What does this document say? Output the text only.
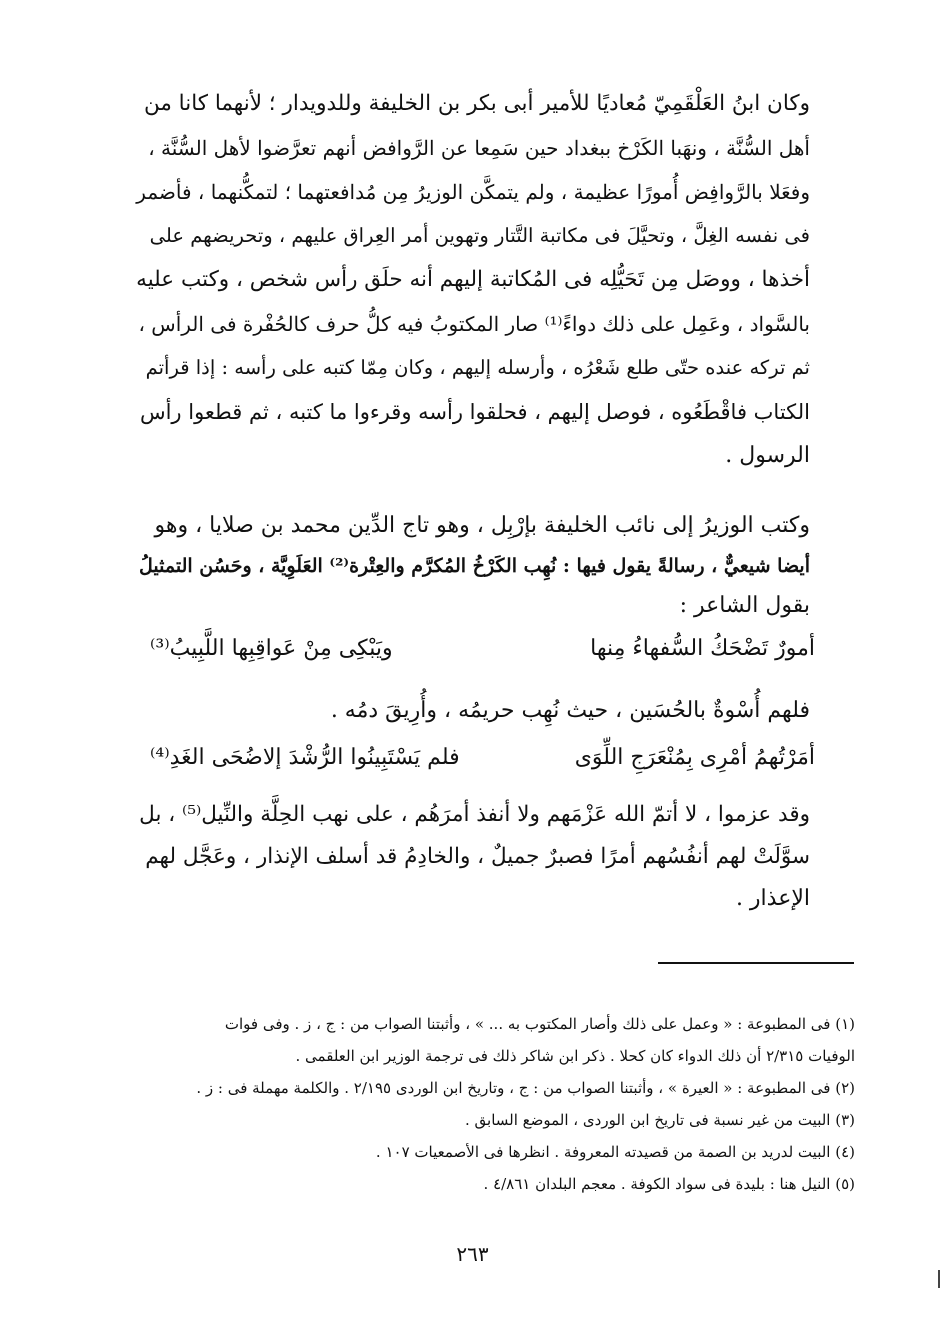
وكان ابنُ العَلْقَمِيّ مُعاديًا للأمير أبى بكر بن الخليفة وللدويدار ؛ لأنهما كانا من
أهل السُّنَّة ، ونهَبا الكَرْخ ببغداد حين سَمِعا عن الرَّوافض أنهم تعرَّضوا لأهل السُّنَّة ،
وفعَلا بالرَّوافِض أُمورًا عظيمة ، ولم يتمكَّن الوزيرُ مِن مُدافعتهما ؛ لتمكُّنهما ، فأضمر
فى نفسه الغِلَّ ، وتحيَّلَ فى مكاتبة التَّتار وتهوين أمر العِراق عليهم ، وتحريضهم على
أخذها ، ووصَل مِن تَحَيُّلِه فى المُكاتبة إليهم أنه حلَق رأس شخص ، وكتب عليه
بالسَّواد ، وعَمِل على ذلك دواءً⁽¹⁾ صار المكتوبُ فيه كلُّ حرف كالحُفْرة فى الرأس ،
ثم تركه عنده حتّى طلع شَعْرُه ، وأرسله إليهم ، وكان مِمّا كتبه على رأسه : إذا قرأتم
الكتاب فاقْطَعُوه ، فوصل إليهم ، فحلقوا رأسه وقرءوا ما كتبه ، ثم قطعوا رأس
الرسول .
وكتب الوزيرُ إلى نائب الخليفة بإرْبِل ، وهو تاج الدِّين محمد بن صلايا ، وهو
أيضا شيعيٌّ ، رسالةً يقول فيها : نُهِب الكَرْخُ المُكرَّم والعِتْرة⁽²⁾ العَلَوِيَّة ، وحَسُن التمثيلُ
بقول الشاعر :
أمورٌ تَضْحَكُ السُّفهاءُ مِنها
ويَبْكِى مِنْ عَواقِبِها اللَّبِيبُ⁽³⁾
فلهم أُسْوةٌ بالحُسَين ، حيث نُهِب حريمُه ، وأُرِيقَ دمُه .
أمَرْتُهمُ أمْرِى بِمُنْعَرَجِ اللِّوَى
فلم يَسْتَبِينُوا الرُّشْدَ إلاضُحَى الغَدِ⁽⁴⁾
وقد عزموا ، لا أتمّ الله عَزْمَهم ولا أنفذ أمرَهُم ، على نهب الحِلَّة والنِّيل⁽⁵⁾ ، بل
سوَّلَتْ لهم أنفُسُهم أمرًا فصبرٌ جميلٌ ، والخادِمُ قد أسلف الإنذار ، وعَجَّل لهم
الإعذار .
(١) فى المطبوعة : « وعمل على ذلك وأصار المكتوب به ... » ، وأثبتنا الصواب من : ج ، ز . وفى فوات
الوفيات ٢/٣١٥ أن ذلك الدواء كان كحلا . ذكر ابن شاكر ذلك فى ترجمة الوزير ابن العلقمى .
(٢) فى المطبوعة : « العيرة » ، وأثبتنا الصواب من : ج ، وتاريخ ابن الوردى ٢/١٩٥ . والكلمة مهملة فى : ز .
(٣) البيت من غير نسبة فى تاريخ ابن الوردى ، الموضع السابق .
(٤) البيت لدريد بن الصمة من قصيدته المعروفة . انظرها فى الأصمعيات ١٠٧ .
(٥) النيل هنا : بليدة فى سواد الكوفة . معجم البلدان ٤/٨٦١ .
٢٦٣
